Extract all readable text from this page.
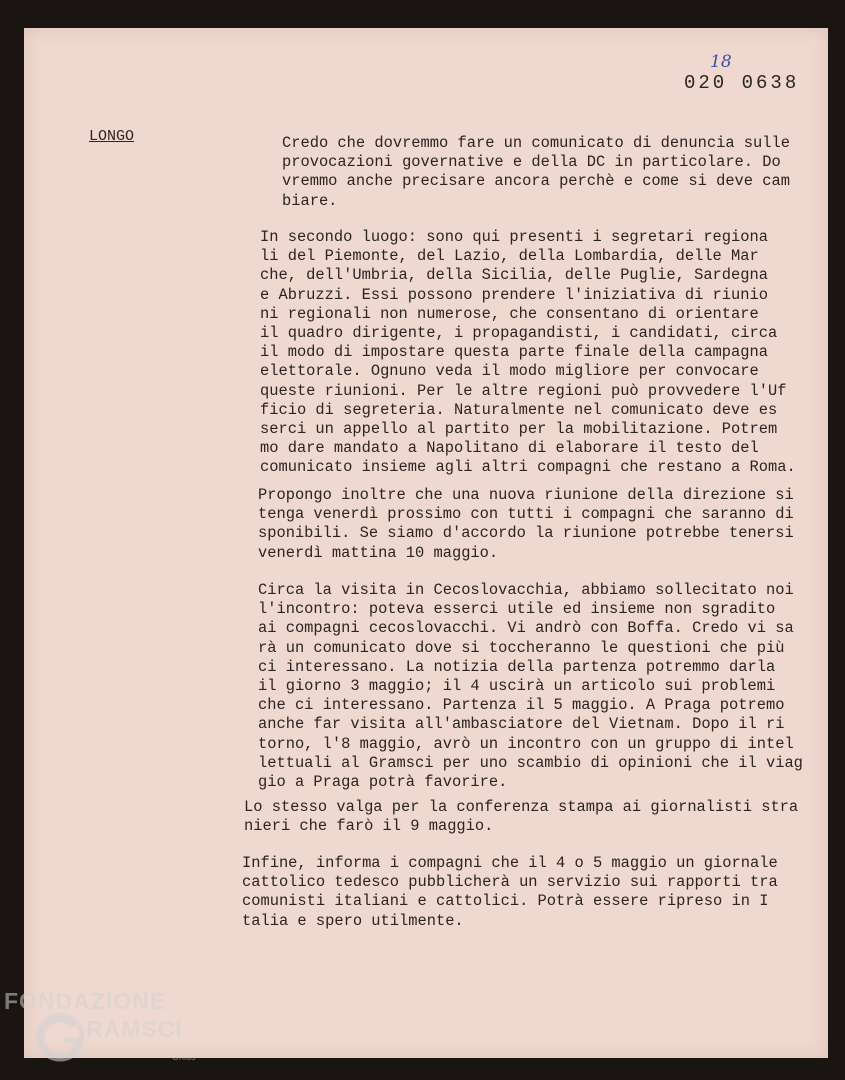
18
020 0638
LONGO	Credo che dovremmo fare un comunicato di denuncia sulle
provocazioni governative e della DC in particolare. Do
vremmo anche precisare ancora perchè e come si deve cam
biare.

In secondo luogo: sono qui presenti i segretari regiona
li del Piemonte, del Lazio, della Lombardia, delle Mar
che, dell'Umbria, della Sicilia, delle Puglie, Sardegna
e Abruzzi. Essi possono prendere l'iniziativa di riunio
ni regionali non numerose, che consentano di orientare
il quadro dirigente, i propagandisti, i candidati, circa
il modo di impostare questa parte finale della campagna
elettorale. Ognuno veda il modo migliore per convocare
queste riunioni. Per le altre regioni può provvedere l'Uf
ficio di segreteria. Naturalmente nel comunicato deve es
serci un appello al partito per la mobilitazione. Potrem
mo dare mandato a Napolitano di elaborare il testo del
comunicato insieme agli altri compagni che restano a Roma.

Propongo inoltre che una nuova riunione della direzione si
tenga venerdì prossimo con tutti i compagni che saranno di
sponibili. Se siamo d'accordo la riunione potrebbe tenersi
venerdì mattina 10 maggio.

Circa la visita in Cecoslovacchia, abbiamo sollecitato noi
l'incontro: poteva esserci utile ed insieme non sgradito
ai compagni cecoslovacchi. Vi andrò con Boffa. Credo vi sa
rà un comunicato dove si toccheranno le questioni che più
ci interessano. La notizia della partenza potremmo darla
il giorno 3 maggio; il 4 uscirà un articolo sui problemi
che ci interessano. Partenza il 5 maggio. A Praga potremo
anche far visita all'ambasciatore del Vietnam. Dopo il ri
torno, l'8 maggio, avrò un incontro con un gruppo di intel
lettuali al Gramsci per uno scambio di opinioni che il viag
gio a Praga potrà favorire.

Lo stesso valga per la conferenza stampa ai giornalisti stra
nieri che farò il 9 maggio.

Infine, informa i compagni che il 4 o 5 maggio un giornale
cattolico tedesco pubblicherà un servizio sui rapporti tra
comunisti italiani e cattolici. Potrà essere ripreso in I
talia e spero utilmente.

FONDAZIONE
RAMSCI
Onlus
